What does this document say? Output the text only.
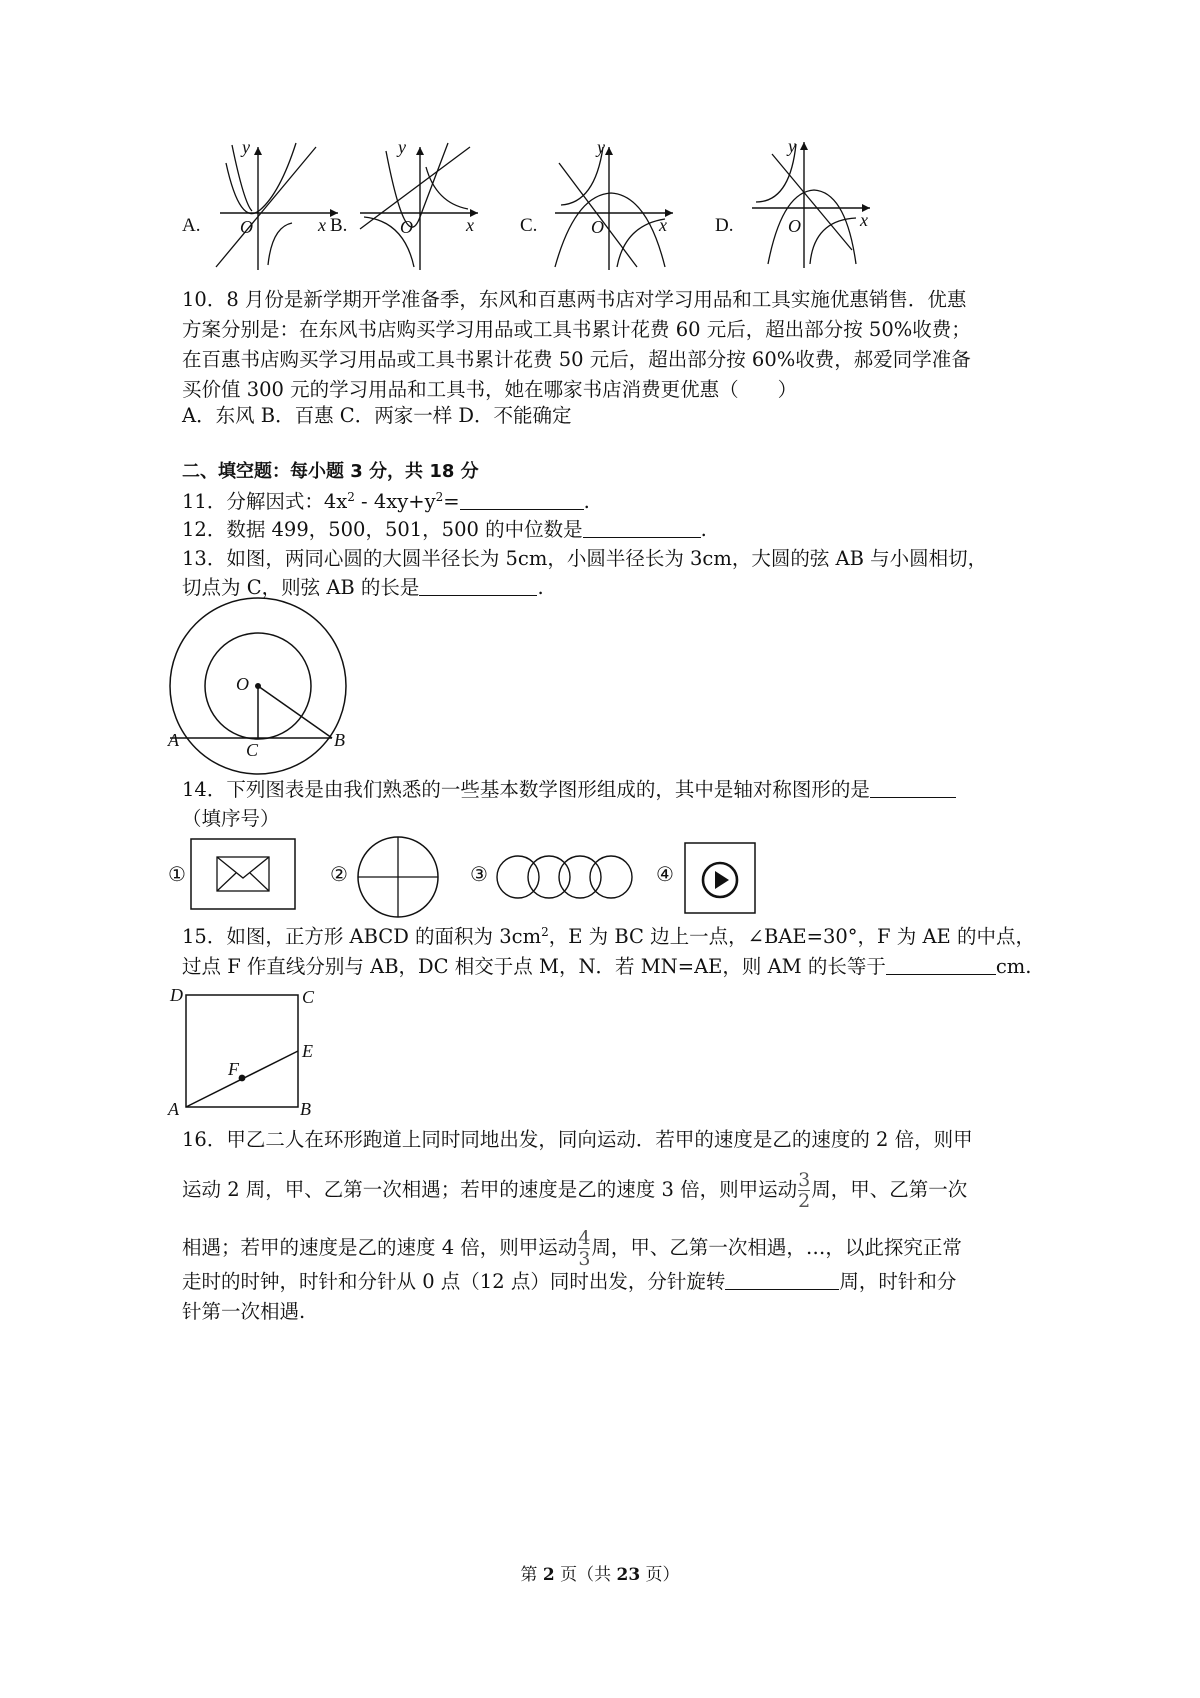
A.
y
x
O	B.
y
x
O	C.
y
x
O	D.
y
x
O
10．8 月份是新学期开学准备季，东风和百惠两书店对学习用品和工具实施优惠销售．优惠
方案分别是：在东风书店购买学习用品或工具书累计花费 60 元后，超出部分按 50%收费；
在百惠书店购买学习用品或工具书累计花费 50 元后，超出部分按 60%收费，郝爱同学准备
买价值 300 元的学习用品和工具书，她在哪家书店消费更优惠（　　）
A．东风 B．百惠 C．两家一样 D．不能确定
二、填空题：每小题 3 分，共 18 分
11．分解因式：$4x^2 - 4xy+y^2=$	.
12．数据 499，500，501，500 的中位数是	.
13．如图，两同心圆的大圆半径长为 5cm，小圆半径长为 3cm，大圆的弦 AB 与小圆相切，
切点为 C，则弦 AB 的长是	.
O
A	B
C
14．下列图表是由我们熟悉的一些基本数学图形组成的，其中是轴对称图形的是
（填序号）
①	②	③	④
15．如图，正方形 ABCD 的面积为 $3cm^2$，E 为 BC 边上一点，∠BAE=30°，F 为 AE 的中点，
过点 F 作直线分别与 AB，DC 相交于点 M，N．若 MN=AE，则 AM 的长等于	cm.
D	C
E
F
A	B
16．甲乙二人在环形跑道上同时同地出发，同向运动．若甲的速度是乙的速度的 2 倍，则甲
运动 2 周，甲、乙第一次相遇；若甲的速度是乙的速度 3 倍，则甲运动 $\frac{3}{2}$ 周，甲、乙第一次
相遇；若甲的速度是乙的速度 4 倍，则甲运动 $\frac{4}{3}$ 周，甲、乙第一次相遇，…，以此探究正常
走时的时钟，时针和分针从 0 点（12 点）同时出发，分针旋转	周，时针和分
针第一次相遇.
第 2 页（共 23 页）
